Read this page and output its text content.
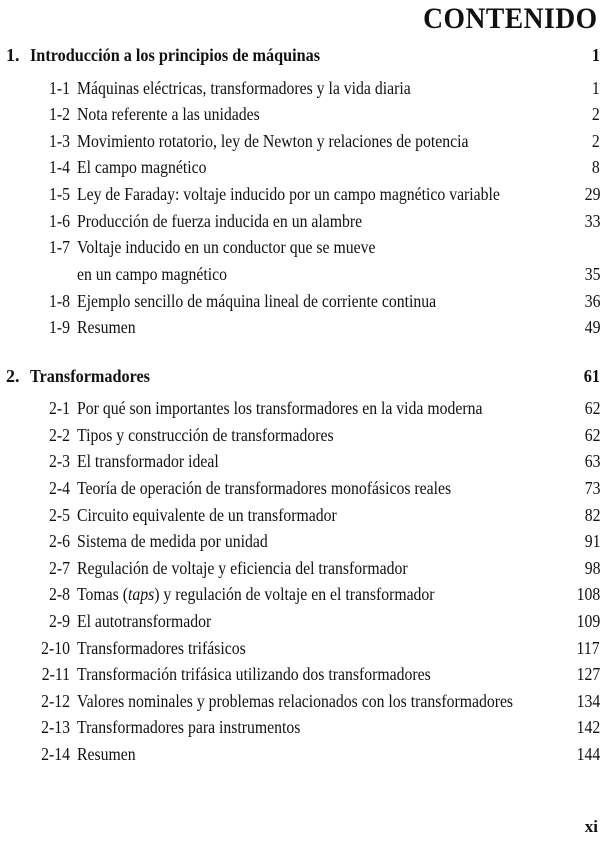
CONTENIDO
1. Introducción a los principios de máquinas	1
1-1 Máquinas eléctricas, transformadores y la vida diaria	1
1-2 Nota referente a las unidades	2
1-3 Movimiento rotatorio, ley de Newton y relaciones de potencia	2
1-4 El campo magnético	8
1-5 Ley de Faraday: voltaje inducido por un campo magnético variable	29
1-6 Producción de fuerza inducida en un alambre	33
1-7 Voltaje inducido en un conductor que se mueve
en un campo magnético	35
1-8 Ejemplo sencillo de máquina lineal de corriente continua	36
1-9 Resumen	49
2. Transformadores	61
2-1 Por qué son importantes los transformadores en la vida moderna	62
2-2 Tipos y construcción de transformadores	62
2-3 El transformador ideal	63
2-4 Teoría de operación de transformadores monofásicos reales	73
2-5 Circuito equivalente de un transformador	82
2-6 Sistema de medida por unidad	91
2-7 Regulación de voltaje y eficiencia del transformador	98
2-8 Tomas (taps) y regulación de voltaje en el transformador	108
2-9 El autotransformador	109
2-10 Transformadores trifásicos	117
2-11 Transformación trifásica utilizando dos transformadores	127
2-12 Valores nominales y problemas relacionados con los transformadores	134
2-13 Transformadores para instrumentos	142
2-14 Resumen	144
xi
